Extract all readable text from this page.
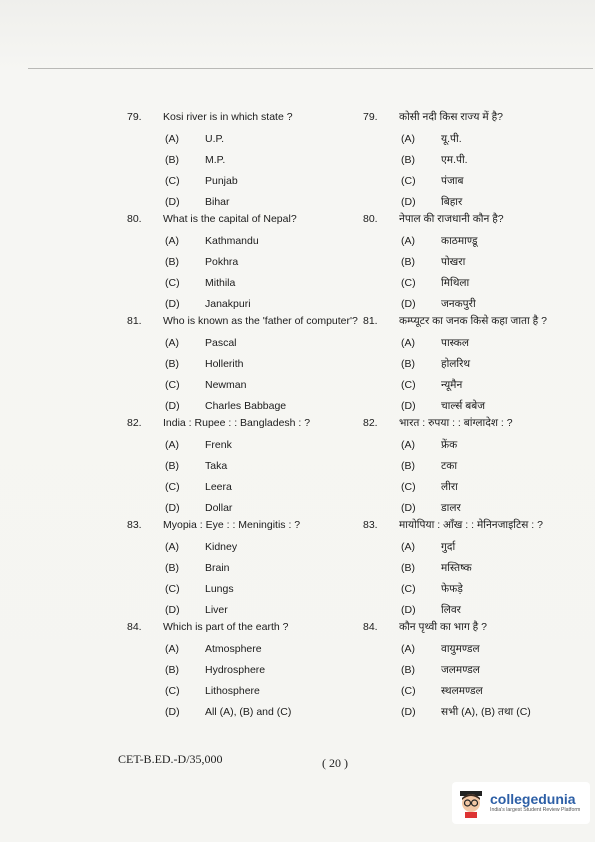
79.	Kosi river is in which state ?
(A)	U.P.
(B)	M.P.
(C)	Punjab
(D)	Bihar
80.	What is the capital of Nepal?
(A)	Kathmandu
(B)	Pokhra
(C)	Mithila
(D)	Janakpuri
81.	Who is known as the 'father of computer'?
(A)	Pascal
(B)	Hollerith
(C)	Newman
(D)	Charles Babbage
82.	India : Rupee : : Bangladesh : ?
(A)	Frenk
(B)	Taka
(C)	Leera
(D)	Dollar
83.	Myopia : Eye : : Meningitis : ?
(A)	Kidney
(B)	Brain
(C)	Lungs
(D)	Liver
84.	Which is part of the earth ?
(A)	Atmosphere
(B)	Hydrosphere
(C)	Lithosphere
(D)	All (A), (B) and (C)
79.	कोसी नदी किस राज्य में है?
(A)	यू.पी.
(B)	एम.पी.
(C)	पंजाब
(D)	बिहार
80.	नेपाल की राजधानी कौन है?
(A)	काठमाण्डू
(B)	पोखरा
(C)	मिथिला
(D)	जनकपुरी
81.	कम्प्यूटर का जनक किसे कहा जाता है ?
(A)	पास्कल
(B)	होलरिथ
(C)	न्यूमैन
(D)	चार्ल्स बबेज
82.	भारत : रुपया : : बांग्लादेश : ?
(A)	फ्रेंक
(B)	टका
(C)	लीरा
(D)	डालर
83.	मायोपिया : आँख : : मेनिनजाइटिस : ?
(A)	गुर्दा
(B)	मस्तिष्क
(C)	फेफड़े
(D)	लिवर
84.	कौन पृथ्वी का भाग है ?
(A)	वायुमण्डल
(B)	जलमण्डल
(C)	स्थलमण्डल
(D)	सभी (A), (B) तथा (C)
CET-B.ED.-D/35,000	( 20 )
collegedunia
India's largest Student Review Platform
